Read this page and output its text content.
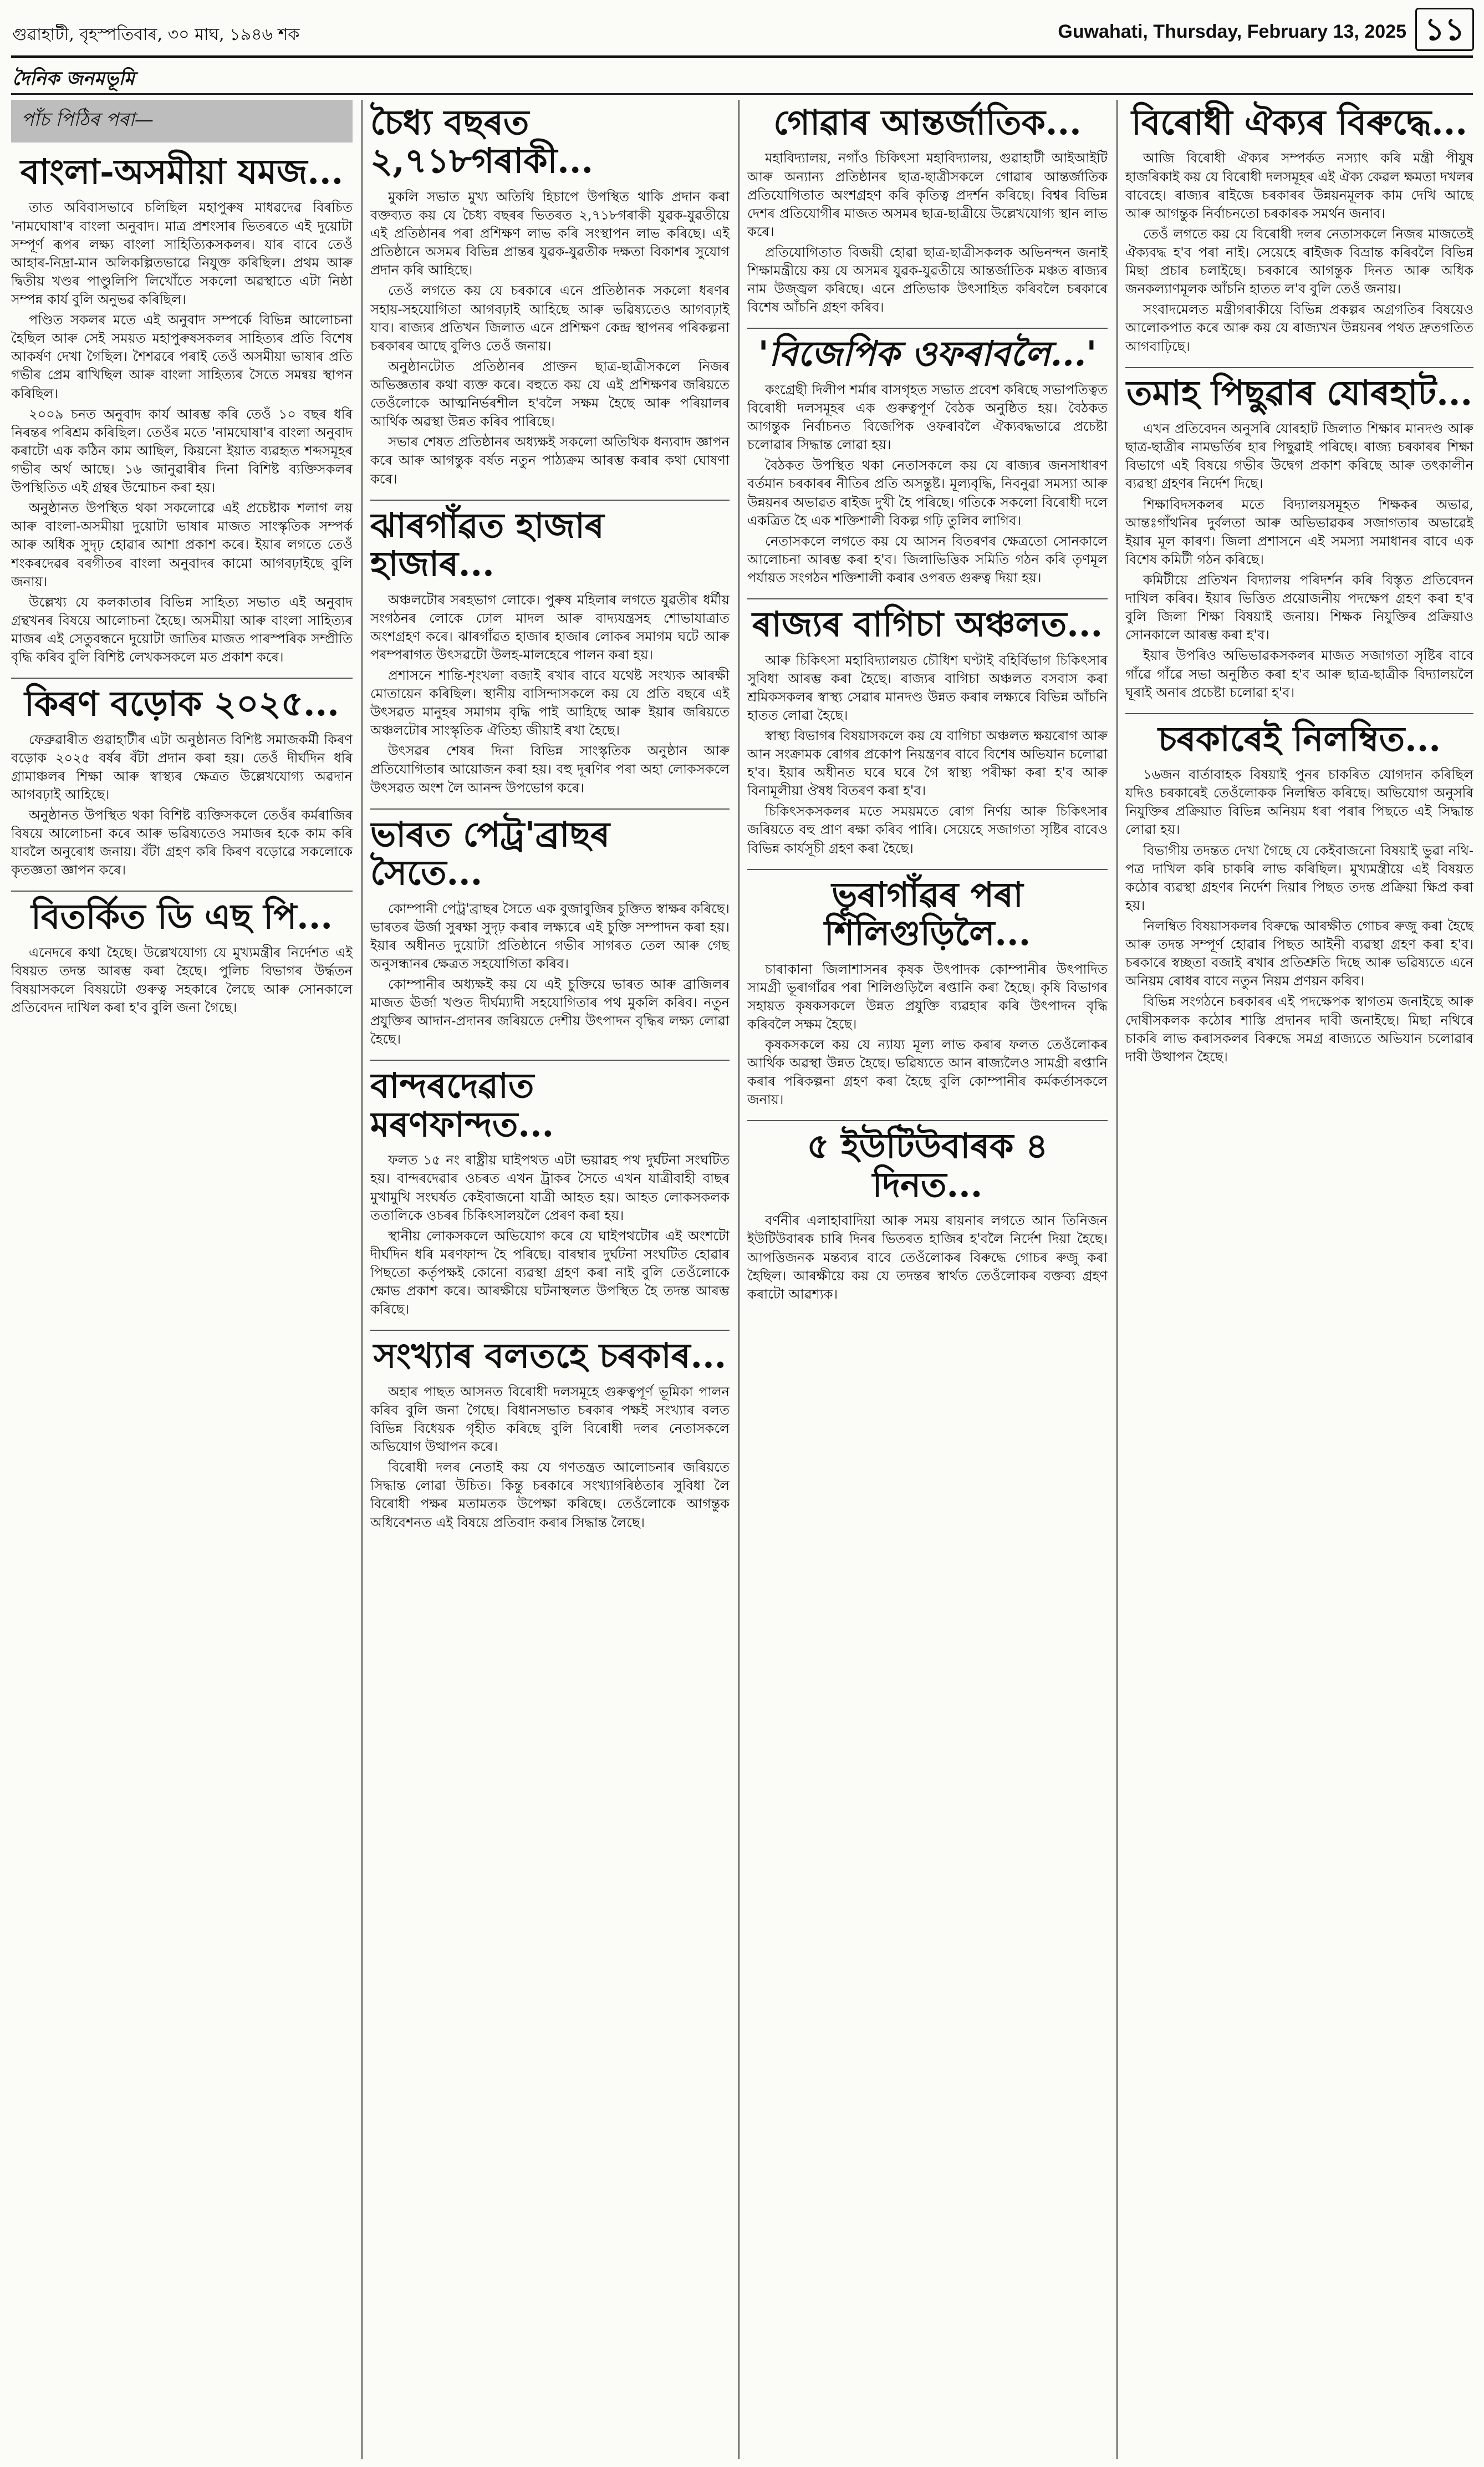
গুৱাহাটী, বৃহস্পতিবাৰ, ৩০ মাঘ, ১৯৪৬ শক	Guwahati, Thursday, February 13, 2025 ১১
দৈনিক জনমভূমি
পাঁচ পিঠিৰ পৰা—
বাংলা-অসমীয়া যমজ...

তাত অবিবাসভাবে চলিছিল মহাপুৰুষ মাধৱদেৱ বিৰচিত 'নামঘোষা'ৰ বাংলা অনুবাদ। মাত্ৰ প্ৰশংসাৰ ভিতৰতে এই দুয়োটা সম্পূৰ্ণ ৰূপৰ লক্ষ্য বাংলা সাহিত্যিকসকলৰ। যাৰ বাবে তেওঁ আহাৰ-নিদ্ৰা-মান অলিকল্পিতভাৱে নিযুক্ত কৰিছিল। প্ৰথম আৰু দ্বিতীয় খণ্ডৰ পাণ্ডুলিপি লিখোঁতে সকলো অৱস্থাতে এটা নিষ্ঠা সম্পন্ন কাৰ্য বুলি অনুভৱ কৰিছিল।

পণ্ডিত সকলৰ মতে এই অনুবাদ সম্পৰ্কে বিভিন্ন আলোচনা হৈছিল আৰু সেই সময়ত মহাপুৰুষসকলৰ সাহিত্যৰ প্ৰতি বিশেষ আকৰ্ষণ দেখা গৈছিল। শৈশৱৰে পৰাই তেওঁ অসমীয়া ভাষাৰ প্ৰতি গভীৰ প্ৰেম ৰাখিছিল আৰু বাংলা সাহিত্যৰ সৈতে সমন্বয় স্থাপন কৰিছিল।

২০০৯ চনত অনুবাদ কাৰ্য আৰম্ভ কৰি তেওঁ ১০ বছৰ ধৰি নিৰন্তৰ পৰিশ্ৰম কৰিছিল। তেওঁৰ মতে 'নামঘোষা'ৰ বাংলা অনুবাদ কৰাটো এক কঠিন কাম আছিল, কিয়নো ইয়াত ব্যৱহৃত শব্দসমূহৰ গভীৰ অৰ্থ আছে। ১৬ জানুৱাৰীৰ দিনা বিশিষ্ট ব্যক্তিসকলৰ উপস্থিতিত এই গ্ৰন্থৰ উন্মোচন কৰা হয়।

অনুষ্ঠানত উপস্থিত থকা সকলোৱে এই প্ৰচেষ্টাক শলাগ লয় আৰু বাংলা-অসমীয়া দুয়োটা ভাষাৰ মাজত সাংস্কৃতিক সম্পৰ্ক আৰু অধিক সুদৃঢ় হোৱাৰ আশা প্ৰকাশ কৰে। ইয়াৰ লগতে তেওঁ শংকৰদেৱৰ বৰগীতৰ বাংলা অনুবাদৰ কামো আগবঢ়াইছে বুলি জনায়।

উল্লেখ্য যে কলকাতাৰ বিভিন্ন সাহিত্য সভাত এই অনুবাদ গ্ৰন্থখনৰ বিষয়ে আলোচনা হৈছে। অসমীয়া আৰু বাংলা সাহিত্যৰ মাজৰ এই সেতুবন্ধনে দুয়োটা জাতিৰ মাজত পাৰস্পৰিক সম্প্ৰীতি বৃদ্ধি কৰিব বুলি বিশিষ্ট লেখকসকলে মত প্ৰকাশ কৰে।

কিৰণ বড়োক ২০২৫...

ফেব্ৰুৱাৰীত গুৱাহাটীৰ এটা অনুষ্ঠানত বিশিষ্ট সমাজকৰ্মী কিৰণ বড়োক ২০২৫ বৰ্ষৰ বঁটা প্ৰদান কৰা হয়। তেওঁ দীৰ্ঘদিন ধৰি গ্ৰামাঞ্চলৰ শিক্ষা আৰু স্বাস্থ্যৰ ক্ষেত্ৰত উল্লেখযোগ্য অৱদান আগবঢ়াই আহিছে।

অনুষ্ঠানত উপস্থিত থকা বিশিষ্ট ব্যক্তিসকলে তেওঁৰ কৰ্মৰাজিৰ বিষয়ে আলোচনা কৰে আৰু ভৱিষ্যতেও সমাজৰ হকে কাম কৰি যাবলৈ অনুৰোধ জনায়। বঁটা গ্ৰহণ কৰি কিৰণ বড়োৱে সকলোকে কৃতজ্ঞতা জ্ঞাপন কৰে।

বিতৰ্কিত ডি এছ পি...

এনেদৰে কথা হৈছে। উল্লেখযোগ্য যে মুখ্যমন্ত্ৰীৰ নিৰ্দেশত এই বিষয়ত তদন্ত আৰম্ভ কৰা হৈছে। পুলিচ বিভাগৰ উৰ্দ্ধতন বিষয়াসকলে বিষয়টো গুৰুত্ব সহকাৰে লৈছে আৰু সোনকালে প্ৰতিবেদন দাখিল কৰা হ'ব বুলি জনা গৈছে।

চৈধ্য বছৰত ২,৭১৮গৰাকী...

মুকলি সভাত মুখ্য অতিথি হিচাপে উপস্থিত থাকি প্ৰদান কৰা বক্তব্যত কয় যে চৈধ্য বছৰৰ ভিতৰত ২,৭১৮গৰাকী যুৱক-যুৱতীয়ে এই প্ৰতিষ্ঠানৰ পৰা প্ৰশিক্ষণ লাভ কৰি সংস্থাপন লাভ কৰিছে। এই প্ৰতিষ্ঠানে অসমৰ বিভিন্ন প্ৰান্তৰ যুৱক-যুৱতীক দক্ষতা বিকাশৰ সুযোগ প্ৰদান কৰি আহিছে।

তেওঁ লগতে কয় যে চৰকাৰে এনে প্ৰতিষ্ঠানক সকলো ধৰণৰ সহায়-সহযোগিতা আগবঢ়াই আহিছে আৰু ভৱিষ্যতেও আগবঢ়াই যাব। ৰাজ্যৰ প্ৰতিখন জিলাত এনে প্ৰশিক্ষণ কেন্দ্ৰ স্থাপনৰ পৰিকল্পনা চৰকাৰৰ আছে বুলিও তেওঁ জনায়।

অনুষ্ঠানটোত প্ৰতিষ্ঠানৰ প্ৰাক্তন ছাত্ৰ-ছাত্ৰীসকলে নিজৰ অভিজ্ঞতাৰ কথা ব্যক্ত কৰে। বহুতে কয় যে এই প্ৰশিক্ষণৰ জৰিয়তে তেওঁলোকে আত্মনিৰ্ভৰশীল হ'বলৈ সক্ষম হৈছে আৰু পৰিয়ালৰ আৰ্থিক অৱস্থা উন্নত কৰিব পাৰিছে।

সভাৰ শেষত প্ৰতিষ্ঠানৰ অধ্যক্ষই সকলো অতিথিক ধন্যবাদ জ্ঞাপন কৰে আৰু আগন্তুক বৰ্ষত নতুন পাঠ্যক্ৰম আৰম্ভ কৰাৰ কথা ঘোষণা কৰে।

ঝাৰগাঁৱত হাজাৰ হাজাৰ...

অঞ্চলটোৰ সৰহভাগ লোকে। পুৰুষ মহিলাৰ লগতে যুৱতীৰ ধৰ্মীয় সংগঠনৰ লোকে ঢোল মাদল আৰু বাদ্যযন্ত্ৰসহ শোভাযাত্ৰাত অংশগ্ৰহণ কৰে। ঝাৰগাঁৱত হাজাৰ হাজাৰ লোকৰ সমাগম ঘটে আৰু পৰম্পৰাগত উৎসৱটো উলহ-মালহেৰে পালন কৰা হয়।

প্ৰশাসনে শান্তি-শৃংখলা বজাই ৰখাৰ বাবে যথেষ্ট সংখ্যক আৰক্ষী মোতায়েন কৰিছিল। স্থানীয় বাসিন্দাসকলে কয় যে প্ৰতি বছৰে এই উৎসৱত মানুহৰ সমাগম বৃদ্ধি পাই আহিছে আৰু ইয়াৰ জৰিয়তে অঞ্চলটোৰ সাংস্কৃতিক ঐতিহ্য জীয়াই ৰখা হৈছে।

উৎসৱৰ শেষৰ দিনা বিভিন্ন সাংস্কৃতিক অনুষ্ঠান আৰু প্ৰতিযোগিতাৰ আয়োজন কৰা হয়। বহু দূৰণিৰ পৰা অহা লোকসকলে উৎসৱত অংশ লৈ আনন্দ উপভোগ কৰে।

ভাৰত পেট্ৰ'ব্ৰাছৰ সৈতে...

কোম্পানী পেট্ৰ'ব্ৰাছৰ সৈতে এক বুজাবুজিৰ চুক্তিত স্বাক্ষৰ কৰিছে। ভাৰতৰ ঊৰ্জা সুৰক্ষা সুদৃঢ় কৰাৰ লক্ষ্যৰে এই চুক্তি সম্পাদন কৰা হয়। ইয়াৰ অধীনত দুয়োটা প্ৰতিষ্ঠানে গভীৰ সাগৰত তেল আৰু গেছ অনুসন্ধানৰ ক্ষেত্ৰত সহযোগিতা কৰিব।

কোম্পানীৰ অধ্যক্ষই কয় যে এই চুক্তিয়ে ভাৰত আৰু ব্ৰাজিলৰ মাজত ঊৰ্জা খণ্ডত দীৰ্ঘম্যাদী সহযোগিতাৰ পথ মুকলি কৰিব। নতুন প্ৰযুক্তিৰ আদান-প্ৰদানৰ জৰিয়তে দেশীয় উৎপাদন বৃদ্ধিৰ লক্ষ্য লোৱা হৈছে।

বান্দৰদেৱাত মৰণফান্দত...

ফলত ১৫ নং ৰাষ্ট্ৰীয় ঘাইপথত এটা ভয়াৱহ পথ দুৰ্ঘটনা সংঘটিত হয়। বান্দৰদেৱাৰ ওচৰত এখন ট্ৰাকৰ সৈতে এখন যাত্ৰীবাহী বাছৰ মুখামুখি সংঘৰ্ষত কেইবাজনো যাত্ৰী আহত হয়। আহত লোকসকলক ততালিকে ওচৰৰ চিকিৎসালয়লৈ প্ৰেৰণ কৰা হয়।

স্থানীয় লোকসকলে অভিযোগ কৰে যে ঘাইপথটোৰ এই অংশটো দীৰ্ঘদিন ধৰি মৰণফান্দ হৈ পৰিছে। বাৰম্বাৰ দুৰ্ঘটনা সংঘটিত হোৱাৰ পিছতো কৰ্তৃপক্ষই কোনো ব্যৱস্থা গ্ৰহণ কৰা নাই বুলি তেওঁলোকে ক্ষোভ প্ৰকাশ কৰে। আৰক্ষীয়ে ঘটনাস্থলত উপস্থিত হৈ তদন্ত আৰম্ভ কৰিছে।

সংখ্যাৰ বলতহে চৰকাৰ...

অহাৰ পাছত আসনত বিৰোধী দলসমূহে গুৰুত্বপূৰ্ণ ভূমিকা পালন কৰিব বুলি জনা গৈছে। বিধানসভাত চৰকাৰ পক্ষই সংখ্যাৰ বলত বিভিন্ন বিধেয়ক গৃহীত কৰিছে বুলি বিৰোধী দলৰ নেতাসকলে অভিযোগ উত্থাপন কৰে।

বিৰোধী দলৰ নেতাই কয় যে গণতন্ত্ৰত আলোচনাৰ জৰিয়তে সিদ্ধান্ত লোৱা উচিত। কিন্তু চৰকাৰে সংখ্যাগৰিষ্ঠতাৰ সুবিধা লৈ বিৰোধী পক্ষৰ মতামতক উপেক্ষা কৰিছে। তেওঁলোকে আগন্তুক অধিবেশনত এই বিষয়ে প্ৰতিবাদ কৰাৰ সিদ্ধান্ত লৈছে।

গোৱাৰ আন্তৰ্জাতিক...

মহাবিদ্যালয়, নগাঁও চিকিৎসা মহাবিদ্যালয়, গুৱাহাটী আইআইটি আৰু অন্যান্য প্ৰতিষ্ঠানৰ ছাত্ৰ-ছাত্ৰীসকলে গোৱাৰ আন্তৰ্জাতিক প্ৰতিযোগিতাত অংশগ্ৰহণ কৰি কৃতিত্ব প্ৰদৰ্শন কৰিছে। বিশ্বৰ বিভিন্ন দেশৰ প্ৰতিযোগীৰ মাজত অসমৰ ছাত্ৰ-ছাত্ৰীয়ে উল্লেখযোগ্য স্থান লাভ কৰে।

প্ৰতিযোগিতাত বিজয়ী হোৱা ছাত্ৰ-ছাত্ৰীসকলক অভিনন্দন জনাই শিক্ষামন্ত্ৰীয়ে কয় যে অসমৰ যুৱক-যুৱতীয়ে আন্তৰ্জাতিক মঞ্চত ৰাজ্যৰ নাম উজ্জ্বল কৰিছে। এনে প্ৰতিভাক উৎসাহিত কৰিবলৈ চৰকাৰে বিশেষ আঁচনি গ্ৰহণ কৰিব।

'বিজেপিক ওফৰাবলৈ...'

কংগ্ৰেছী দিলীপ শৰ্মাৰ বাসগৃহত সভাত প্ৰবেশ কৰিছে সভাপতিত্বত বিৰোধী দলসমূহৰ এক গুৰুত্বপূৰ্ণ বৈঠক অনুষ্ঠিত হয়। বৈঠকত আগন্তুক নিৰ্বাচনত বিজেপিক ওফৰাবলৈ ঐক্যবদ্ধভাৱে প্ৰচেষ্টা চলোৱাৰ সিদ্ধান্ত লোৱা হয়।

বৈঠকত উপস্থিত থকা নেতাসকলে কয় যে ৰাজ্যৰ জনসাধাৰণ বৰ্তমান চৰকাৰৰ নীতিৰ প্ৰতি অসন্তুষ্ট। মূল্যবৃদ্ধি, নিবনুৱা সমস্যা আৰু উন্নয়নৰ অভাৱত ৰাইজ দুখী হৈ পৰিছে। গতিকে সকলো বিৰোধী দলে একত্ৰিত হৈ এক শক্তিশালী বিকল্প গঢ়ি তুলিব লাগিব।

নেতাসকলে লগতে কয় যে আসন বিতৰণৰ ক্ষেত্ৰতো সোনকালে আলোচনা আৰম্ভ কৰা হ'ব। জিলাভিত্তিক সমিতি গঠন কৰি তৃণমূল পৰ্যায়ত সংগঠন শক্তিশালী কৰাৰ ওপৰত গুৰুত্ব দিয়া হয়।

ৰাজ্যৰ বাগিচা অঞ্চলত...

আৰু চিকিৎসা মহাবিদ্যালয়ত চৌধিশ ঘণ্টাই বহিৰ্বিভাগ চিকিৎসাৰ সুবিধা আৰম্ভ কৰা হৈছে। ৰাজ্যৰ বাগিচা অঞ্চলত বসবাস কৰা শ্ৰমিকসকলৰ স্বাস্থ্য সেৱাৰ মানদণ্ড উন্নত কৰাৰ লক্ষ্যৰে বিভিন্ন আঁচনি হাতত লোৱা হৈছে।

স্বাস্থ্য বিভাগৰ বিষয়াসকলে কয় যে বাগিচা অঞ্চলত ক্ষয়ৰোগ আৰু আন সংক্ৰামক ৰোগৰ প্ৰকোপ নিয়ন্ত্ৰণৰ বাবে বিশেষ অভিযান চলোৱা হ'ব। ইয়াৰ অধীনত ঘৰে ঘৰে গৈ স্বাস্থ্য পৰীক্ষা কৰা হ'ব আৰু বিনামূলীয়া ঔষধ বিতৰণ কৰা হ'ব।

চিকিৎসকসকলৰ মতে সময়মতে ৰোগ নিৰ্ণয় আৰু চিকিৎসাৰ জৰিয়তে বহু প্ৰাণ ৰক্ষা কৰিব পাৰি। সেয়েহে সজাগতা সৃষ্টিৰ বাবেও বিভিন্ন কাৰ্যসূচী গ্ৰহণ কৰা হৈছে।

ভূৰাগাঁৱৰ পৰা শিলিগুড়িলৈ...

চাৰাকানা জিলাশাসনৰ কৃষক উৎপাদক কোম্পানীৰ উৎপাদিত সামগ্ৰী ভূৰাগাঁৱৰ পৰা শিলিগুড়িলৈ ৰপ্তানি কৰা হৈছে। কৃষি বিভাগৰ সহায়ত কৃষকসকলে উন্নত প্ৰযুক্তি ব্যৱহাৰ কৰি উৎপাদন বৃদ্ধি কৰিবলৈ সক্ষম হৈছে।

কৃষকসকলে কয় যে ন্যায্য মূল্য লাভ কৰাৰ ফলত তেওঁলোকৰ আৰ্থিক অৱস্থা উন্নত হৈছে। ভৱিষ্যতে আন ৰাজ্যলৈও সামগ্ৰী ৰপ্তানি কৰাৰ পৰিকল্পনা গ্ৰহণ কৰা হৈছে বুলি কোম্পানীৰ কৰ্মকৰ্তাসকলে জনায়।

৫ ইউটিউবাৰক ৪ দিনত...

বৰ্ণনীৰ এলাহাবাদিয়া আৰু সময় ৰায়নাৰ লগতে আন তিনিজন ইউটিউবাৰক চাৰি দিনৰ ভিতৰত হাজিৰ হ'বলৈ নিৰ্দেশ দিয়া হৈছে। আপত্তিজনক মন্তব্যৰ বাবে তেওঁলোকৰ বিৰুদ্ধে গোচৰ ৰুজু কৰা হৈছিল। আৰক্ষীয়ে কয় যে তদন্তৰ স্বাৰ্থত তেওঁলোকৰ বক্তব্য গ্ৰহণ কৰাটো আৱশ্যক।

বিৰোধী ঐক্যৰ বিৰুদ্ধে...

আজি বিৰোধী ঐক্যৰ সম্পৰ্কত নস্যাৎ কৰি মন্ত্ৰী পীযুষ হাজৰিকাই কয় যে বিৰোধী দলসমূহৰ এই ঐক্য কেৱল ক্ষমতা দখলৰ বাবেহে। ৰাজ্যৰ ৰাইজে চৰকাৰৰ উন্নয়নমূলক কাম দেখি আছে আৰু আগন্তুক নিৰ্বাচনতো চৰকাৰক সমৰ্থন জনাব।

তেওঁ লগতে কয় যে বিৰোধী দলৰ নেতাসকলে নিজৰ মাজতেই ঐক্যবদ্ধ হ'ব পৰা নাই। সেয়েহে ৰাইজক বিভ্ৰান্ত কৰিবলৈ বিভিন্ন মিছা প্ৰচাৰ চলাইছে। চৰকাৰে আগন্তুক দিনত আৰু অধিক জনকল্যাণমূলক আঁচনি হাতত ল'ব বুলি তেওঁ জনায়।

সংবাদমেলত মন্ত্ৰীগৰাকীয়ে বিভিন্ন প্ৰকল্পৰ অগ্ৰগতিৰ বিষয়েও আলোকপাত কৰে আৰু কয় যে ৰাজ্যখন উন্নয়নৰ পথত দ্ৰুতগতিত আগবাঢ়িছে।

তমাহ পিছুৱাৰ যোৰহাট...

এখন প্ৰতিবেদন অনুসৰি যোৰহাট জিলাত শিক্ষাৰ মানদণ্ড আৰু ছাত্ৰ-ছাত্ৰীৰ নামভৰ্তিৰ হাৰ পিছুৱাই পৰিছে। ৰাজ্য চৰকাৰৰ শিক্ষা বিভাগে এই বিষয়ে গভীৰ উদ্বেগ প্ৰকাশ কৰিছে আৰু তৎকালীন ব্যৱস্থা গ্ৰহণৰ নিৰ্দেশ দিছে।

শিক্ষাবিদসকলৰ মতে বিদ্যালয়সমূহত শিক্ষকৰ অভাৱ, আন্তঃগাঁথনিৰ দুৰ্বলতা আৰু অভিভাৱকৰ সজাগতাৰ অভাৱেই ইয়াৰ মূল কাৰণ। জিলা প্ৰশাসনে এই সমস্যা সমাধানৰ বাবে এক বিশেষ কমিটী গঠন কৰিছে।

কমিটীয়ে প্ৰতিখন বিদ্যালয় পৰিদৰ্শন কৰি বিস্তৃত প্ৰতিবেদন দাখিল কৰিব। ইয়াৰ ভিত্তিত প্ৰয়োজনীয় পদক্ষেপ গ্ৰহণ কৰা হ'ব বুলি জিলা শিক্ষা বিষয়াই জনায়। শিক্ষক নিযুক্তিৰ প্ৰক্ৰিয়াও সোনকালে আৰম্ভ কৰা হ'ব।

ইয়াৰ উপৰিও অভিভাৱকসকলৰ মাজত সজাগতা সৃষ্টিৰ বাবে গাঁৱে গাঁৱে সভা অনুষ্ঠিত কৰা হ'ব আৰু ছাত্ৰ-ছাত্ৰীক বিদ্যালয়লৈ ঘূৰাই অনাৰ প্ৰচেষ্টা চলোৱা হ'ব।

চৰকাৰেই নিলম্বিত...

১৬জন বাৰ্তাবাহক বিষয়াই পুনৰ চাকৰিত যোগদান কৰিছিল যদিও চৰকাৰেই তেওঁলোকক নিলম্বিত কৰিছে। অভিযোগ অনুসৰি নিযুক্তিৰ প্ৰক্ৰিয়াত বিভিন্ন অনিয়ম ধৰা পৰাৰ পিছতে এই সিদ্ধান্ত লোৱা হয়।

বিভাগীয় তদন্তত দেখা গৈছে যে কেইবাজনো বিষয়াই ভুৱা নথি-পত্ৰ দাখিল কৰি চাকৰি লাভ কৰিছিল। মুখ্যমন্ত্ৰীয়ে এই বিষয়ত কঠোৰ ব্যৱস্থা গ্ৰহণৰ নিৰ্দেশ দিয়াৰ পিছত তদন্ত প্ৰক্ৰিয়া ক্ষিপ্ৰ কৰা হয়।

নিলম্বিত বিষয়াসকলৰ বিৰুদ্ধে আৰক্ষীত গোচৰ ৰুজু কৰা হৈছে আৰু তদন্ত সম্পূৰ্ণ হোৱাৰ পিছত আইনী ব্যৱস্থা গ্ৰহণ কৰা হ'ব। চৰকাৰে স্বচ্ছতা বজাই ৰখাৰ প্ৰতিশ্ৰুতি দিছে আৰু ভৱিষ্যতে এনে অনিয়ম ৰোধৰ বাবে নতুন নিয়ম প্ৰণয়ন কৰিব।

বিভিন্ন সংগঠনে চৰকাৰৰ এই পদক্ষেপক স্বাগতম জনাইছে আৰু দোষীসকলক কঠোৰ শাস্তি প্ৰদানৰ দাবী জনাইছে। মিছা নথিৰে চাকৰি লাভ কৰাসকলৰ বিৰুদ্ধে সমগ্ৰ ৰাজ্যতে অভিযান চলোৱাৰ দাবী উত্থাপন হৈছে।
